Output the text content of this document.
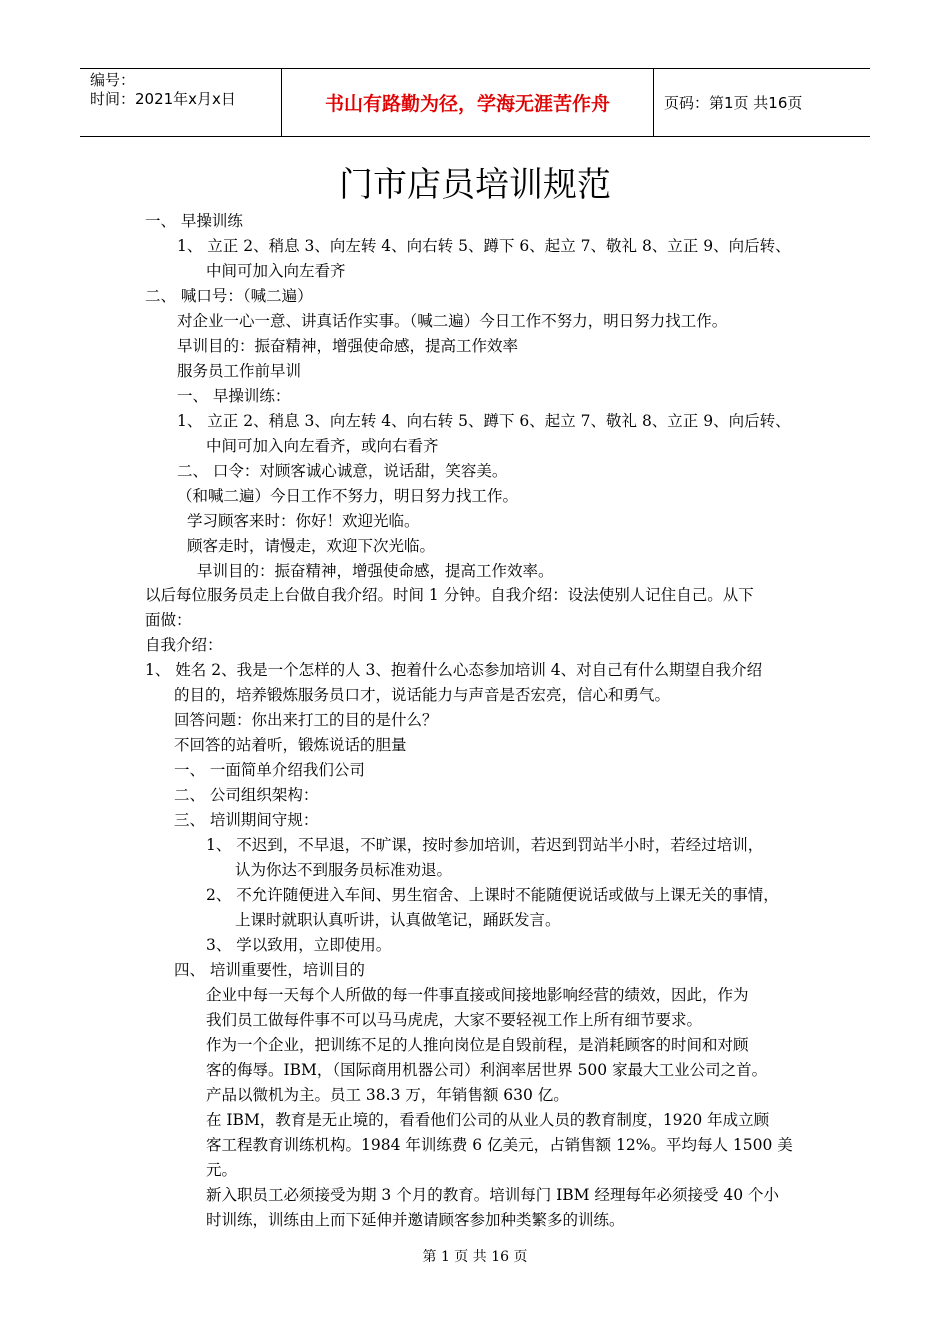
编号：
时间：2021年x月x日	书山有路勤为径，学海无涯苦作舟	页码：第1页 共16页
门市店员培训规范
一、 早操训练
1、 立正 2、稍息 3、向左转 4、向右转 5、蹲下 6、起立 7、敬礼 8、立正 9、向后转、
中间可加入向左看齐
二、 喊口号：（喊二遍）
对企业一心一意、讲真话作实事。（喊二遍）今日工作不努力，明日努力找工作。
早训目的：振奋精神，增强使命感，提高工作效率
服务员工作前早训
一、 早操训练：
1、 立正 2、稍息 3、向左转 4、向右转 5、蹲下 6、起立 7、敬礼 8、立正 9、向后转、
中间可加入向左看齐，或向右看齐
二、 口令：对顾客诚心诚意，说话甜，笑容美。
（和喊二遍）今日工作不努力，明日努力找工作。
学习顾客来时：你好！欢迎光临。
顾客走时，请慢走，欢迎下次光临。
早训目的：振奋精神，增强使命感，提高工作效率。
以后每位服务员走上台做自我介绍。时间 1 分钟。自我介绍：设法使别人记住自己。从下
面做：
自我介绍：
1、 姓名 2、我是一个怎样的人 3、抱着什么心态参加培训 4、对自己有什么期望自我介绍
的目的，培养锻炼服务员口才，说话能力与声音是否宏亮，信心和勇气。
回答问题：你出来打工的目的是什么？
不回答的站着听，锻炼说话的胆量
一、 一面简单介绍我们公司
二、 公司组织架构：
三、 培训期间守规：
1、 不迟到，不早退，不旷课，按时参加培训，若迟到罚站半小时，若经过培训，
认为你达不到服务员标准劝退。
2、 不允许随便进入车间、男生宿舍、上课时不能随便说话或做与上课无关的事情，
上课时就职认真听讲，认真做笔记，踊跃发言。
3、 学以致用，立即使用。
四、 培训重要性，培训目的
企业中每一天每个人所做的每一件事直接或间接地影响经营的绩效，因此，作为
我们员工做每件事不可以马马虎虎，大家不要轻视工作上所有细节要求。
作为一个企业，把训练不足的人推向岗位是自毁前程，是消耗顾客的时间和对顾
客的侮辱。IBM，（国际商用机器公司）利润率居世界 500 家最大工业公司之首。
产品以微机为主。员工 38.3 万，年销售额 630 亿。
在 IBM，教育是无止境的，看看他们公司的从业人员的教育制度，1920 年成立顾
客工程教育训练机构。1984 年训练费 6 亿美元，占销售额 12%。平均每人 1500 美
元。
新入职员工必须接受为期 3 个月的教育。培训每门 IBM 经理每年必须接受 40 个小
时训练，训练由上而下延伸并邀请顾客参加种类繁多的训练。
第 1 页 共 16 页
